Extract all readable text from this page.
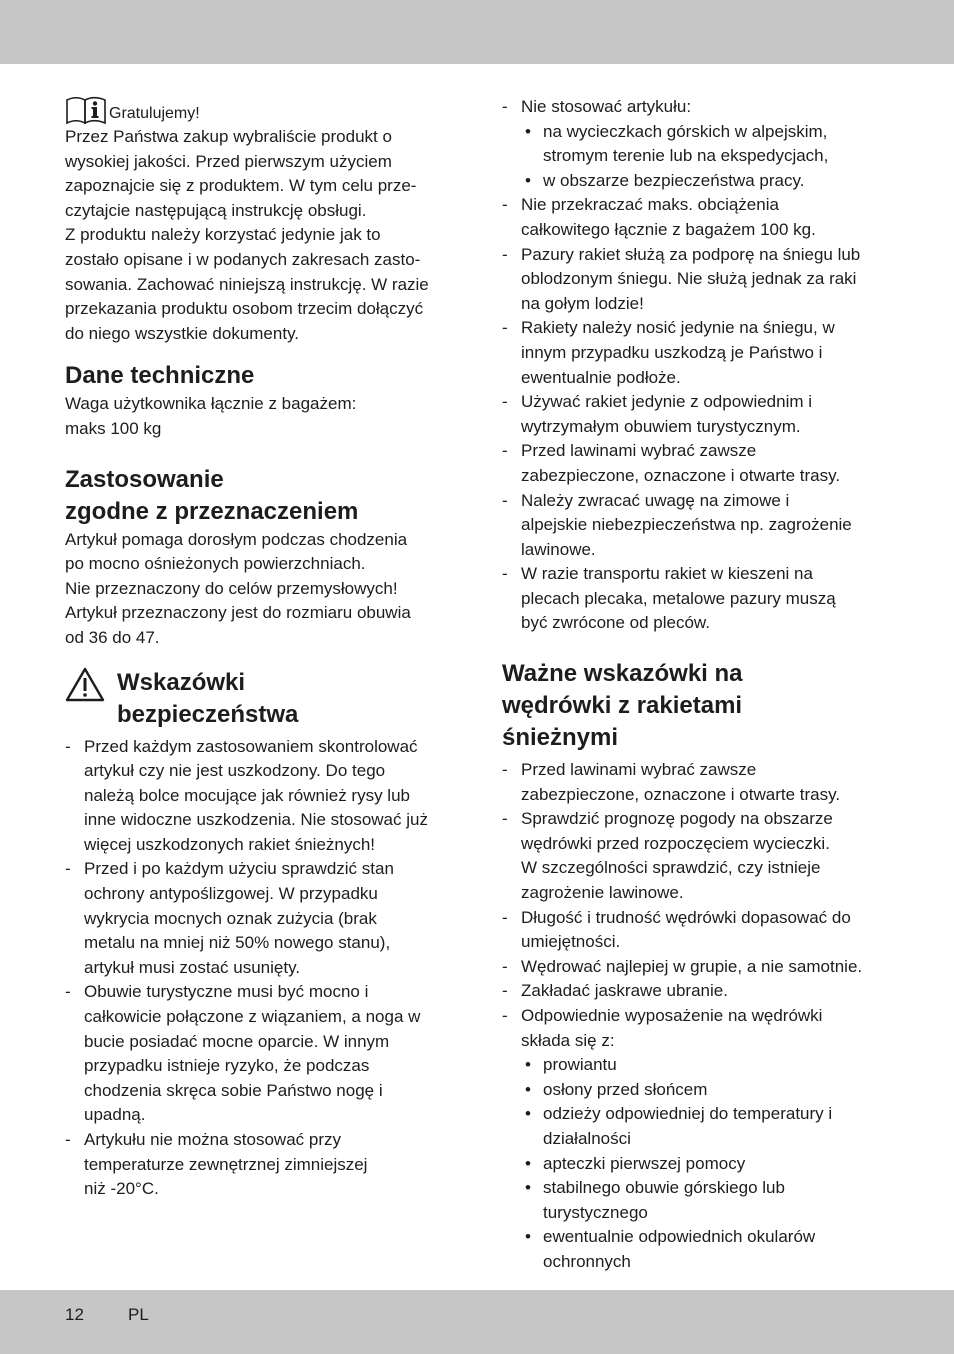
Gratulujemy!

Przez Państwa zakup wybraliście produkt o

wysokiej jakości. Przed pierwszym użyciem

zapoznajcie się z produktem. W tym celu prze-

czytajcie następującą instrukcję obsługi.

Z produktu należy korzystać jedynie jak to

zostało opisane i w podanych zakresach zasto-

sowania. Zachować niniejszą instrukcję. W razie

przekazania produktu osobom trzecim dołączyć

do niego wszystkie dokumenty.

Dane techniczne

Waga użytkownika łącznie z bagażem:

maks 100 kg

Zastosowanie
zgodne z przeznaczeniem

Artykuł pomaga dorosłym podczas chodzenia

po mocno ośnieżonych powierzchniach.

Nie przeznaczony do celów przemysłowych!

Artykuł przeznaczony jest do rozmiaru obuwia

od 36 do 47.

Wskazówki
bezpieczeństwa
- Przed każdym zastosowaniem skontrolować
artykuł czy nie jest uszkodzony. Do tego
należą bolce mocujące jak również rysy lub
inne widoczne uszkodzenia. Nie stosować już
więcej uszkodzonych rakiet śnieżnych!
- Przed i po każdym użyciu sprawdzić stan
ochrony antypoślizgowej. W przypadku
wykrycia mocnych oznak zużycia (brak
metalu na mniej niż 50% nowego stanu),
artykuł musi zostać usunięty.
- Obuwie turystyczne musi być mocno i
całkowicie połączone z wiązaniem, a noga w
bucie posiadać mocne oparcie. W innym
przypadku istnieje ryzyko, że podczas
chodzenia skręca sobie Państwo nogę i
upadną.
- Artykułu nie można stosować przy
temperaturze zewnętrznej zimniejszej
niż -20°C.
- Nie stosować artykułu:
• na wycieczkach górskich w alpejskim,
stromym terenie lub na ekspedycjach,
• w obszarze bezpieczeństwa pracy.
- Nie przekraczać maks. obciążenia
całkowitego łącznie z bagażem 100 kg.
- Pazury rakiet służą za podporę na śniegu lub
oblodzonym śniegu. Nie służą jednak za raki
na gołym lodzie!
- Rakiety należy nosić jedynie na śniegu, w
innym przypadku uszkodzą je Państwo i
ewentualnie podłoże.
- Używać rakiet jedynie z odpowiednim i
wytrzymałym obuwiem turystycznym.
- Przed lawinami wybrać zawsze
zabezpieczone, oznaczone i otwarte trasy.
- Należy zwracać uwagę na zimowe i
alpejskie niebezpieczeństwa np. zagrożenie
lawinowe.
- W razie transportu rakiet w kieszeni na
plecach plecaka, metalowe pazury muszą
być zwrócone od pleców.
Ważne wskazówki na
wędrówki z rakietami
śnieżnymi
- Przed lawinami wybrać zawsze
zabezpieczone, oznaczone i otwarte trasy.
- Sprawdzić prognozę pogody na obszarze
wędrówki przed rozpoczęciem wycieczki.
W szczególności sprawdzić, czy istnieje
zagrożenie lawinowe.
- Długość i trudność wędrówki dopasować do
umiejętności.
- Wędrować najlepiej w grupie, a nie samotnie.
- Zakładać jaskrawe ubranie.
- Odpowiednie wyposażenie na wędrówki
składa się z:
• prowiantu
• osłony przed słońcem
• odzieży odpowiedniej do temperatury i
działalności
• apteczki pierwszej pomocy
• stabilnego obuwie górskiego lub
turystycznego
• ewentualnie odpowiednich okularów
ochronnych
12	PL
